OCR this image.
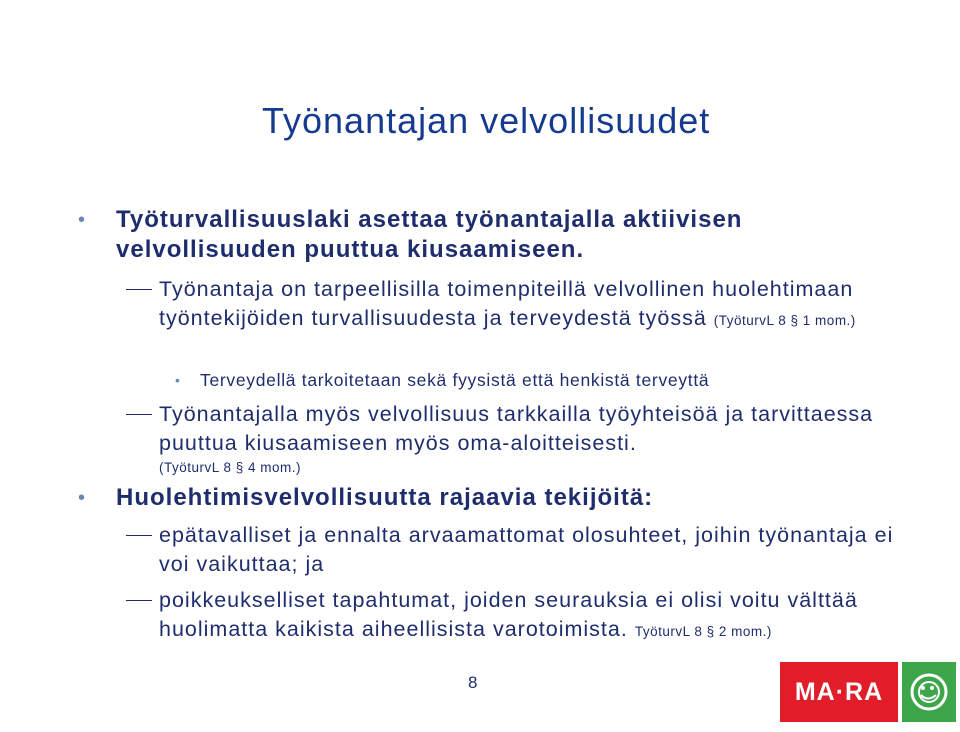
Työnantajan velvollisuudet
• Työturvallisuuslaki asettaa työnantajalla aktiivisen velvollisuuden puuttua kiusaamiseen.
Työnantaja on tarpeellisilla toimenpiteillä velvollinen huolehtimaan työntekijöiden turvallisuudesta ja terveydestä työssä (TyöturvL 8 § 1 mom.)
• Terveydellä tarkoitetaan sekä fyysistä että henkistä terveyttä
Työnantajalla myös velvollisuus tarkkailla työyhteisöä ja tarvittaessa puuttua kiusaamiseen myös oma-aloitteisesti.
(TyöturvL 8 § 4 mom.)
• Huolehtimisvelvollisuutta rajaavia tekijöitä:
epätavalliset ja ennalta arvaamattomat olosuhteet, joihin työnantaja ei voi vaikuttaa; ja
poikkeukselliset tapahtumat, joiden seurauksia ei olisi voitu välttää huolimatta kaikista aiheellisista varotoimista. TyöturvL 8 § 2 mom.)
8	MA·RA
